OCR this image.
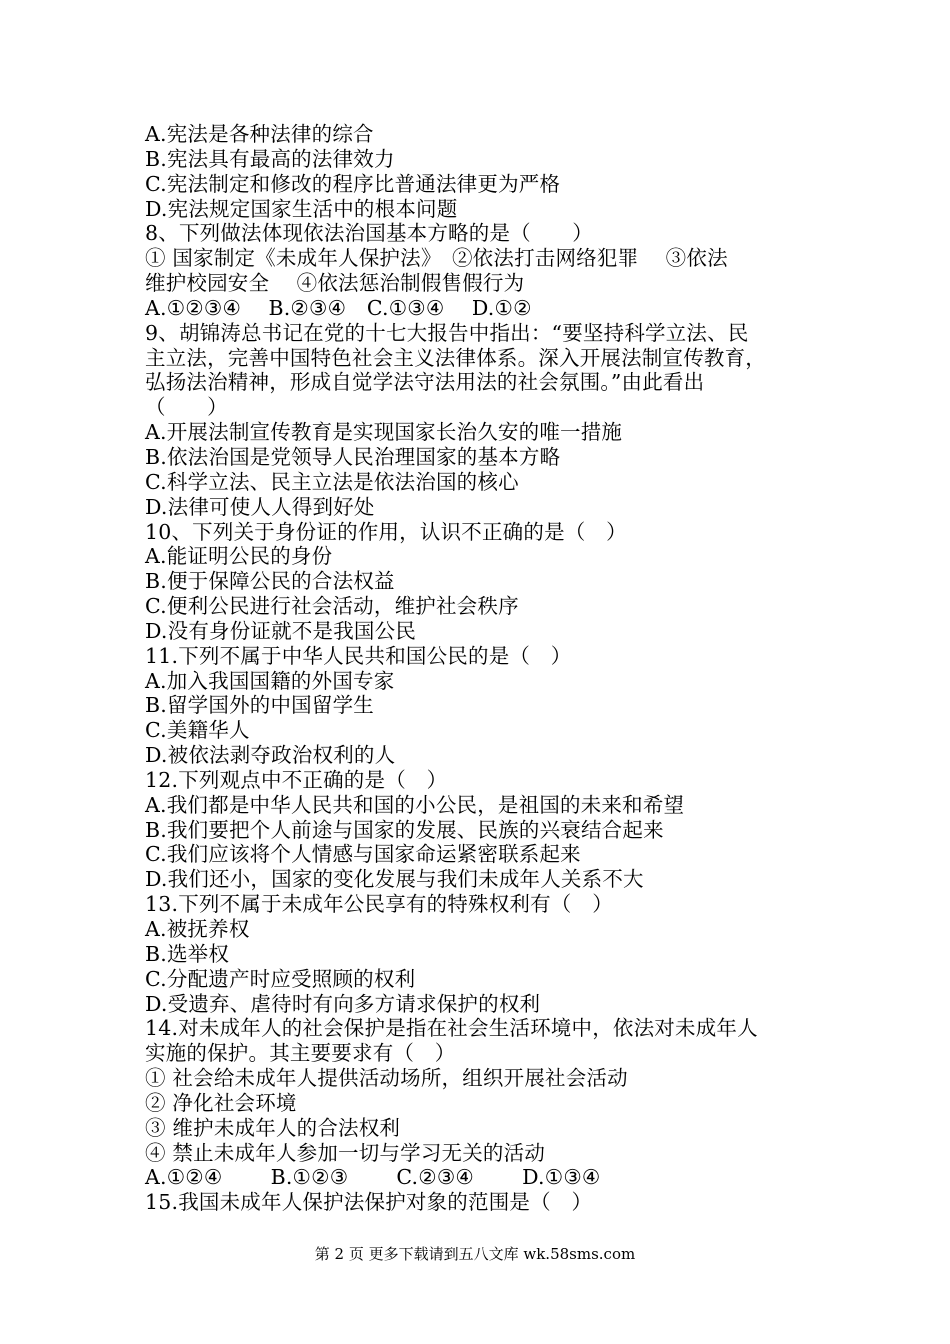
A.宪法是各种法律的综合
B.宪法具有最高的法律效力
C.宪法制定和修改的程序比普通法律更为严格
D.宪法规定国家生活中的根本问题
8、下列做法体现依法治国基本方略的是（　　）
① 国家制定《未成年人保护法》　②依法打击网络犯罪　 ③依法
维护校园安全　 ④依法惩治制假售假行为
A.①②③④　 B.②③④　C.①③④　 D.①②
9、胡锦涛总书记在党的十七大报告中指出：“要坚持科学立法、民
主立法，完善中国特色社会主义法律体系。深入开展法制宣传教育，
弘扬法治精神，形成自觉学法守法用法的社会氛围。”由此看出
（　　）
A.开展法制宣传教育是实现国家长治久安的唯一措施
B.依法治国是党领导人民治理国家的基本方略
C.科学立法、民主立法是依法治国的核心
D.法律可使人人得到好处
10、下列关于身份证的作用，认识不正确的是（　）
A.能证明公民的身份
B.便于保障公民的合法权益
C.便利公民进行社会活动，维护社会秩序
D.没有身份证就不是我国公民
11.下列不属于中华人民共和国公民的是（　）
A.加入我国国籍的外国专家
B.留学国外的中国留学生
C.美籍华人
D.被依法剥夺政治权利的人
12.下列观点中不正确的是（　）
A.我们都是中华人民共和国的小公民，是祖国的未来和希望
B.我们要把个人前途与国家的发展、民族的兴衰结合起来
C.我们应该将个人情感与国家命运紧密联系起来
D.我们还小，国家的变化发展与我们未成年人关系不大
13.下列不属于未成年公民享有的特殊权利有（　）
A.被抚养权
B.选举权
C.分配遗产时应受照顾的权利
D.受遗弃、虐待时有向多方请求保护的权利
14.对未成年人的社会保护是指在社会生活环境中，依法对未成年人
实施的保护。其主要要求有（　）
① 社会给未成年人提供活动场所，组织开展社会活动
② 净化社会环境
③ 维护未成年人的合法权利
④ 禁止未成年人参加一切与学习无关的活动
A.①②④　　 B.①②③　　 C.②③④　　 D.①③④
15.我国未成年人保护法保护对象的范围是（　）
第 2 页 更多下载请到五八文库 wk.58sms.com
